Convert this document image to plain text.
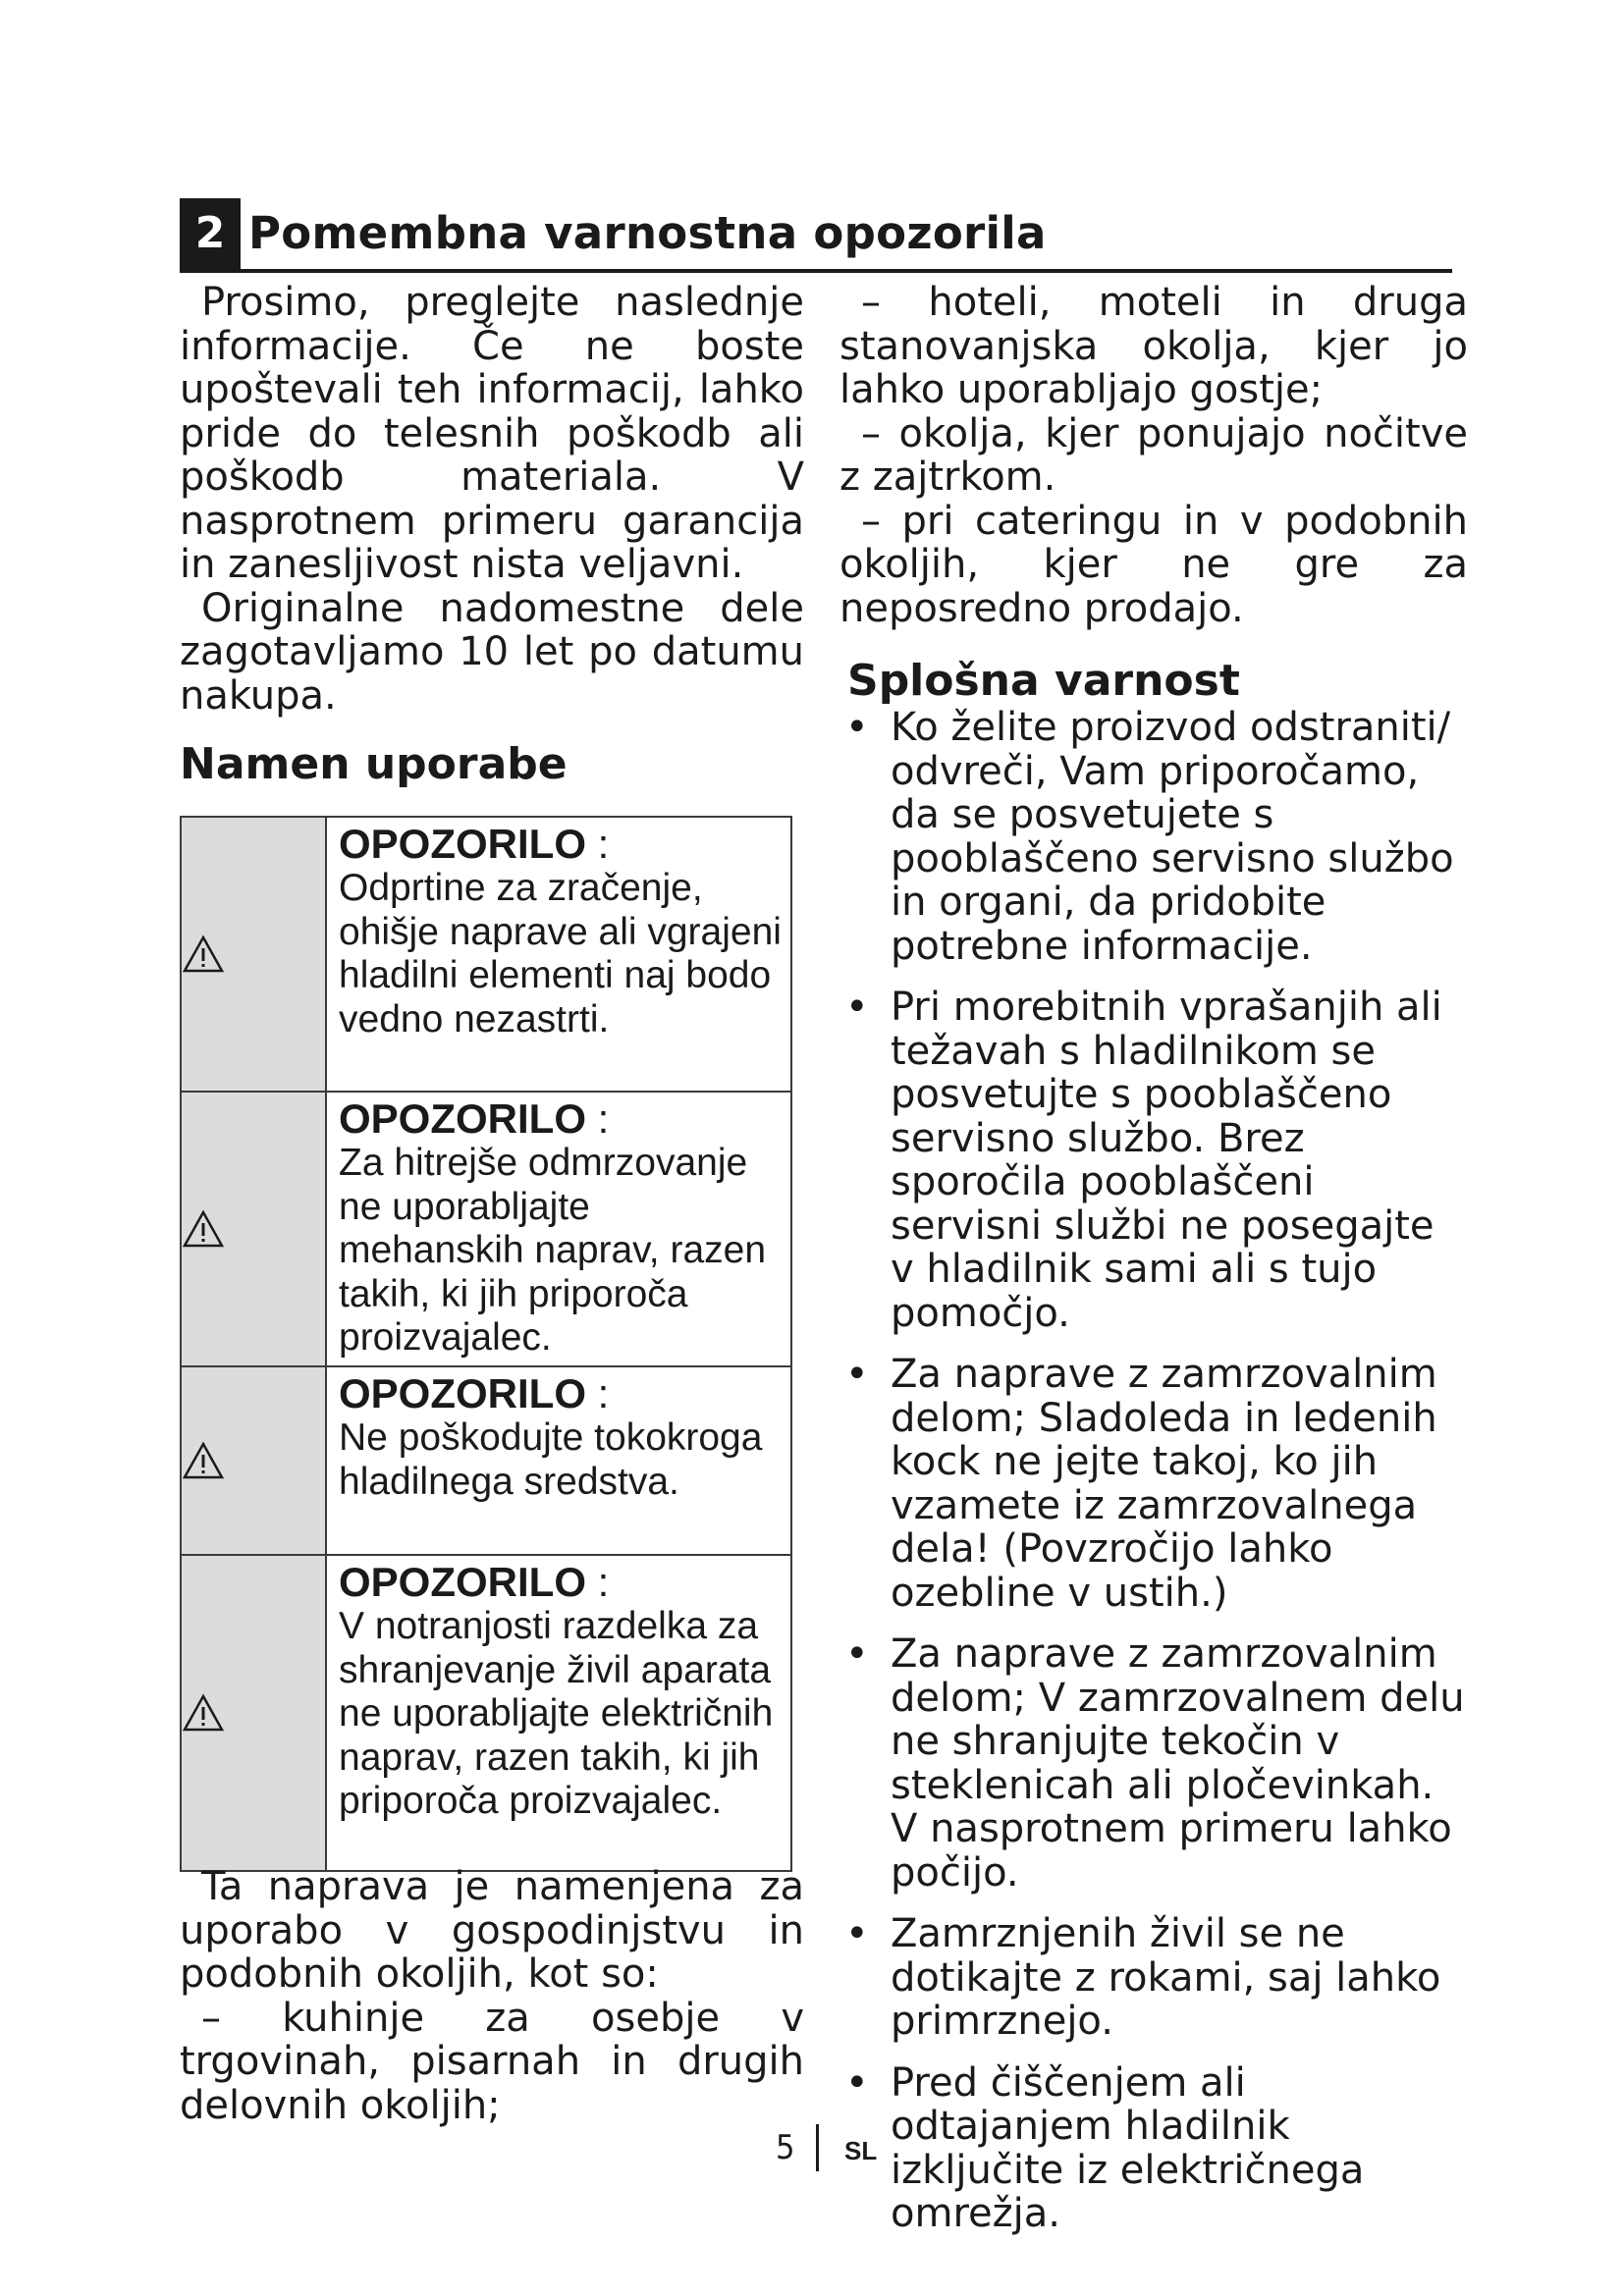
2 Pomembna varnostna opozorila

Prosimo, preglejte naslednje informacije. Če ne boste upoštevali teh informacij, lahko pride do telesnih poškodb ali poškodb materiala. V nasprotnem primeru garancija in zanesljivost nista veljavni.

Originalne nadomestne dele zagotavljamo 10 let po datumu nakupa.

Namen uporabe

OPOZORILO :
Odprtine za zračenje, ohišje naprave ali vgrajeni hladilni elementi naj bodo vedno nezastrti.
OPOZORILO :
Za hitrejše odmrzovanje ne uporabljajte mehanskih naprav, razen takih, ki jih priporoča proizvajalec.
OPOZORILO :
Ne poškodujte tokokroga hladilnega sredstva.
OPOZORILO :
V notranjosti razdelka za shranjevanje živil aparata ne uporabljajte električnih naprav, razen takih, ki jih priporoča proizvajalec.

Ta naprava je namenjena za uporabo v gospodinjstvu in podobnih okoljih, kot so:

– kuhinje za osebje v trgovinah, pisarnah in drugih delovnih okoljih;

– hoteli, moteli in druga stanovanjska okolja, kjer jo lahko uporabljajo gostje;

– okolja, kjer ponujajo nočitve z zajtrkom.

– pri cateringu in v podobnih okoljih, kjer ne gre za neposredno prodajo.

Splošna varnost

• Ko želite proizvod odstraniti/ odvreči, Vam priporočamo, da se posvetujete s pooblaščeno servisno službo in organi, da pridobite potrebne informacije.
• Pri morebitnih vprašanjih ali težavah s hladilnikom se posvetujte s pooblaščeno servisno službo. Brez sporočila pooblaščeni servisni službi ne posegajte v hladilnik sami ali s tujo pomočjo.
• Za naprave z zamrzovalnim delom; Sladoleda in ledenih kock ne jejte takoj, ko jih vzamete iz zamrzovalnega dela! (Povzročijo lahko ozebline v ustih.)
• Za naprave z zamrzovalnim delom; V zamrzovalnem delu ne shranjujte tekočin v steklenicah ali pločevinkah. V nasprotnem primeru lahko počijo.
• Zamrznjenih živil se ne dotikajte z rokami, saj lahko primrznejo.
• Pred čiščenjem ali odtajanjem hladilnik izključite iz električnega omrežja.
5 SL
